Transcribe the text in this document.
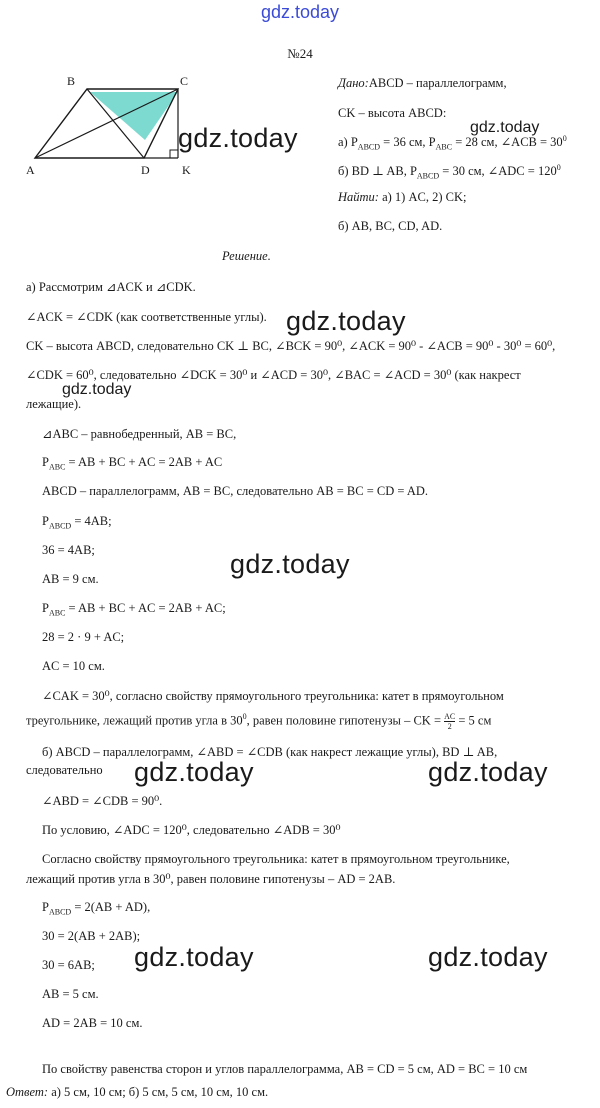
gdz.today
№24
B	C
A	D	K
Дано:ABCD – параллелограмм,
CK – высота ABCD:
а) $P_{ABCD} = 36$ см, $P_{ABC} = 28$ см, ∠ACB = $30^0$
б) BD ⊥ AB, $P_{ABCD} = 30$ см, ∠ADC = $120^0$
Найти: а) 1) AC, 2) CK;
б) AB, BC, CD, AD.
Решение.
а) Рассмотрим ⊿ACK и ⊿CDK.
∠ACK = ∠CDK (как соответственные углы).
CK – высота ABCD, следовательно CK ⊥ BC, ∠BCK = 90⁰, ∠ACK = 90⁰ - ∠ACB = 90⁰ - 30⁰ = 60⁰,
∠CDK = 60⁰, следовательно ∠DCK = 30⁰ и ∠ACD = 30⁰, ∠BAC = ∠ACD = 30⁰ (как накрест
лежащие).
⊿ABC – равнобедренный, AB = BC,
$P_{ABC}$ = AB + BC + AC = 2AB + AC
ABCD – параллелограмм, AB = BC, следовательно AB = BC = CD = AD.
$P_{ABCD} = 4AB$;
36 = 4AB;
AB = 9 см.
$P_{ABC}$ = AB + BC + AC = 2AB + AC;
28 = 2 · 9 + AC;
AC = 10 см.
∠CAK = 30⁰, согласно свойству прямоугольного треугольника: катет в прямоугольном
треугольнике, лежащий против угла в $30^0$, равен половине гипотенузы – CK = $\frac{AC}{2} = 5$ см
б) ABCD – параллелограмм, ∠ABD = ∠CDB (как накрест лежащие углы), BD ⊥ AB,
следовательно
∠ABD = ∠CDB = 90⁰.
По условию, ∠ADC = 120⁰, следовательно ∠ADB = 30⁰
Согласно свойству прямоугольного треугольника: катет в прямоугольном треугольнике,
лежащий против угла в 30⁰, равен половине гипотенузы – AD = 2AB.
$P_{ABCD} = 2(AB + AD)$,
30 = 2(AB + 2AB);
30 = 6AB;
AB = 5 см.
AD = 2AB = 10 см.
По свойству равенства сторон и углов параллелограмма, AB = CD = 5 см, AD = BC = 10 см
Ответ: а) 5 см, 10 см; б) 5 см, 5 см, 10 см, 10 см.
gdz.today	gdz.today
gdz.today
gdz.today
gdz.today
gdz.today	gdz.today
gdz.today	gdz.today
